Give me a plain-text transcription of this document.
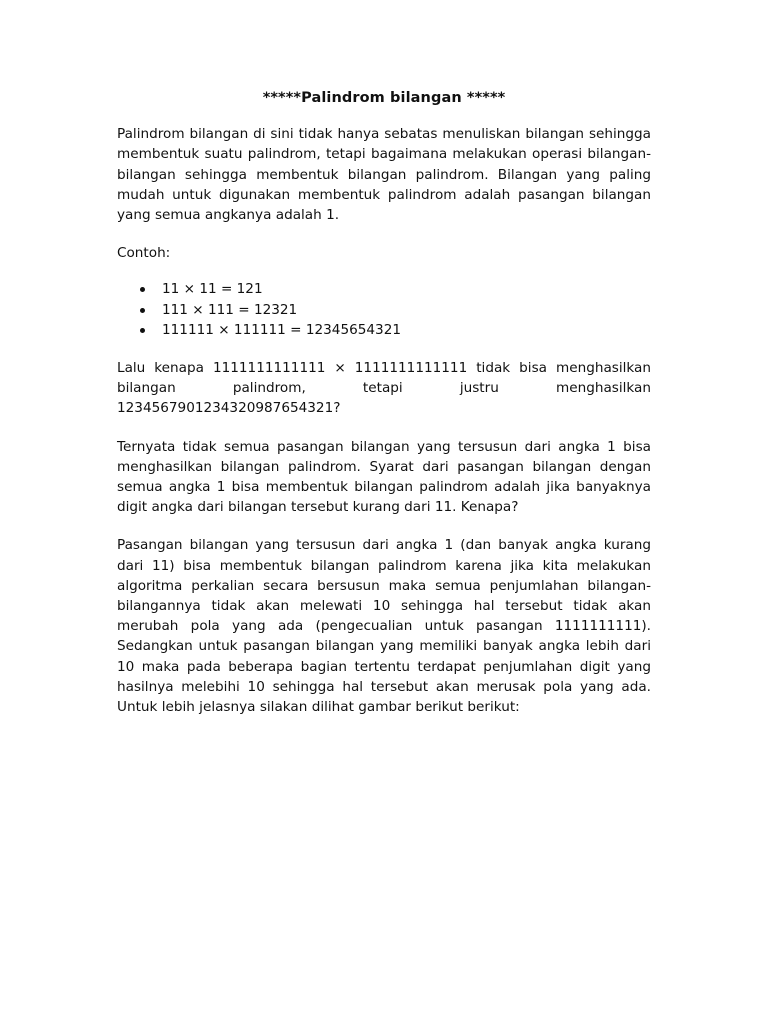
*****Palindrom bilangan *****

Palindrom bilangan di sini tidak hanya sebatas menuliskan bilangan sehingga membentuk suatu palindrom, tetapi bagaimana melakukan operasi bilangan-bilangan sehingga membentuk bilangan palindrom. Bilangan yang paling mudah untuk digunakan membentuk palindrom adalah pasangan bilangan yang semua angkanya adalah 1.

Contoh:

11 × 11 = 121
111 × 111 = 12321
111111 × 111111 = 12345654321

Lalu kenapa 1111111111111 × 1111111111111 tidak bisa menghasilkan bilangan palindrom, tetapi justru menghasilkan 1234567901234320987654321?

Ternyata tidak semua pasangan bilangan yang tersusun dari angka 1 bisa menghasilkan bilangan palindrom. Syarat dari pasangan bilangan dengan semua angka 1 bisa membentuk bilangan palindrom adalah jika banyaknya digit angka dari bilangan tersebut kurang dari 11. Kenapa?

Pasangan bilangan yang tersusun dari angka 1 (dan banyak angka kurang dari 11) bisa membentuk bilangan palindrom karena jika kita melakukan algoritma perkalian secara bersusun maka semua penjumlahan bilangan-bilangannya tidak akan melewati 10 sehingga hal tersebut tidak akan merubah pola yang ada (pengecualian untuk pasangan 1111111111). Sedangkan untuk pasangan bilangan yang memiliki banyak angka lebih dari 10 maka pada beberapa bagian tertentu terdapat penjumlahan digit yang hasilnya melebihi 10 sehingga hal tersebut akan merusak pola yang ada. Untuk lebih jelasnya silakan dilihat gambar berikut berikut:
